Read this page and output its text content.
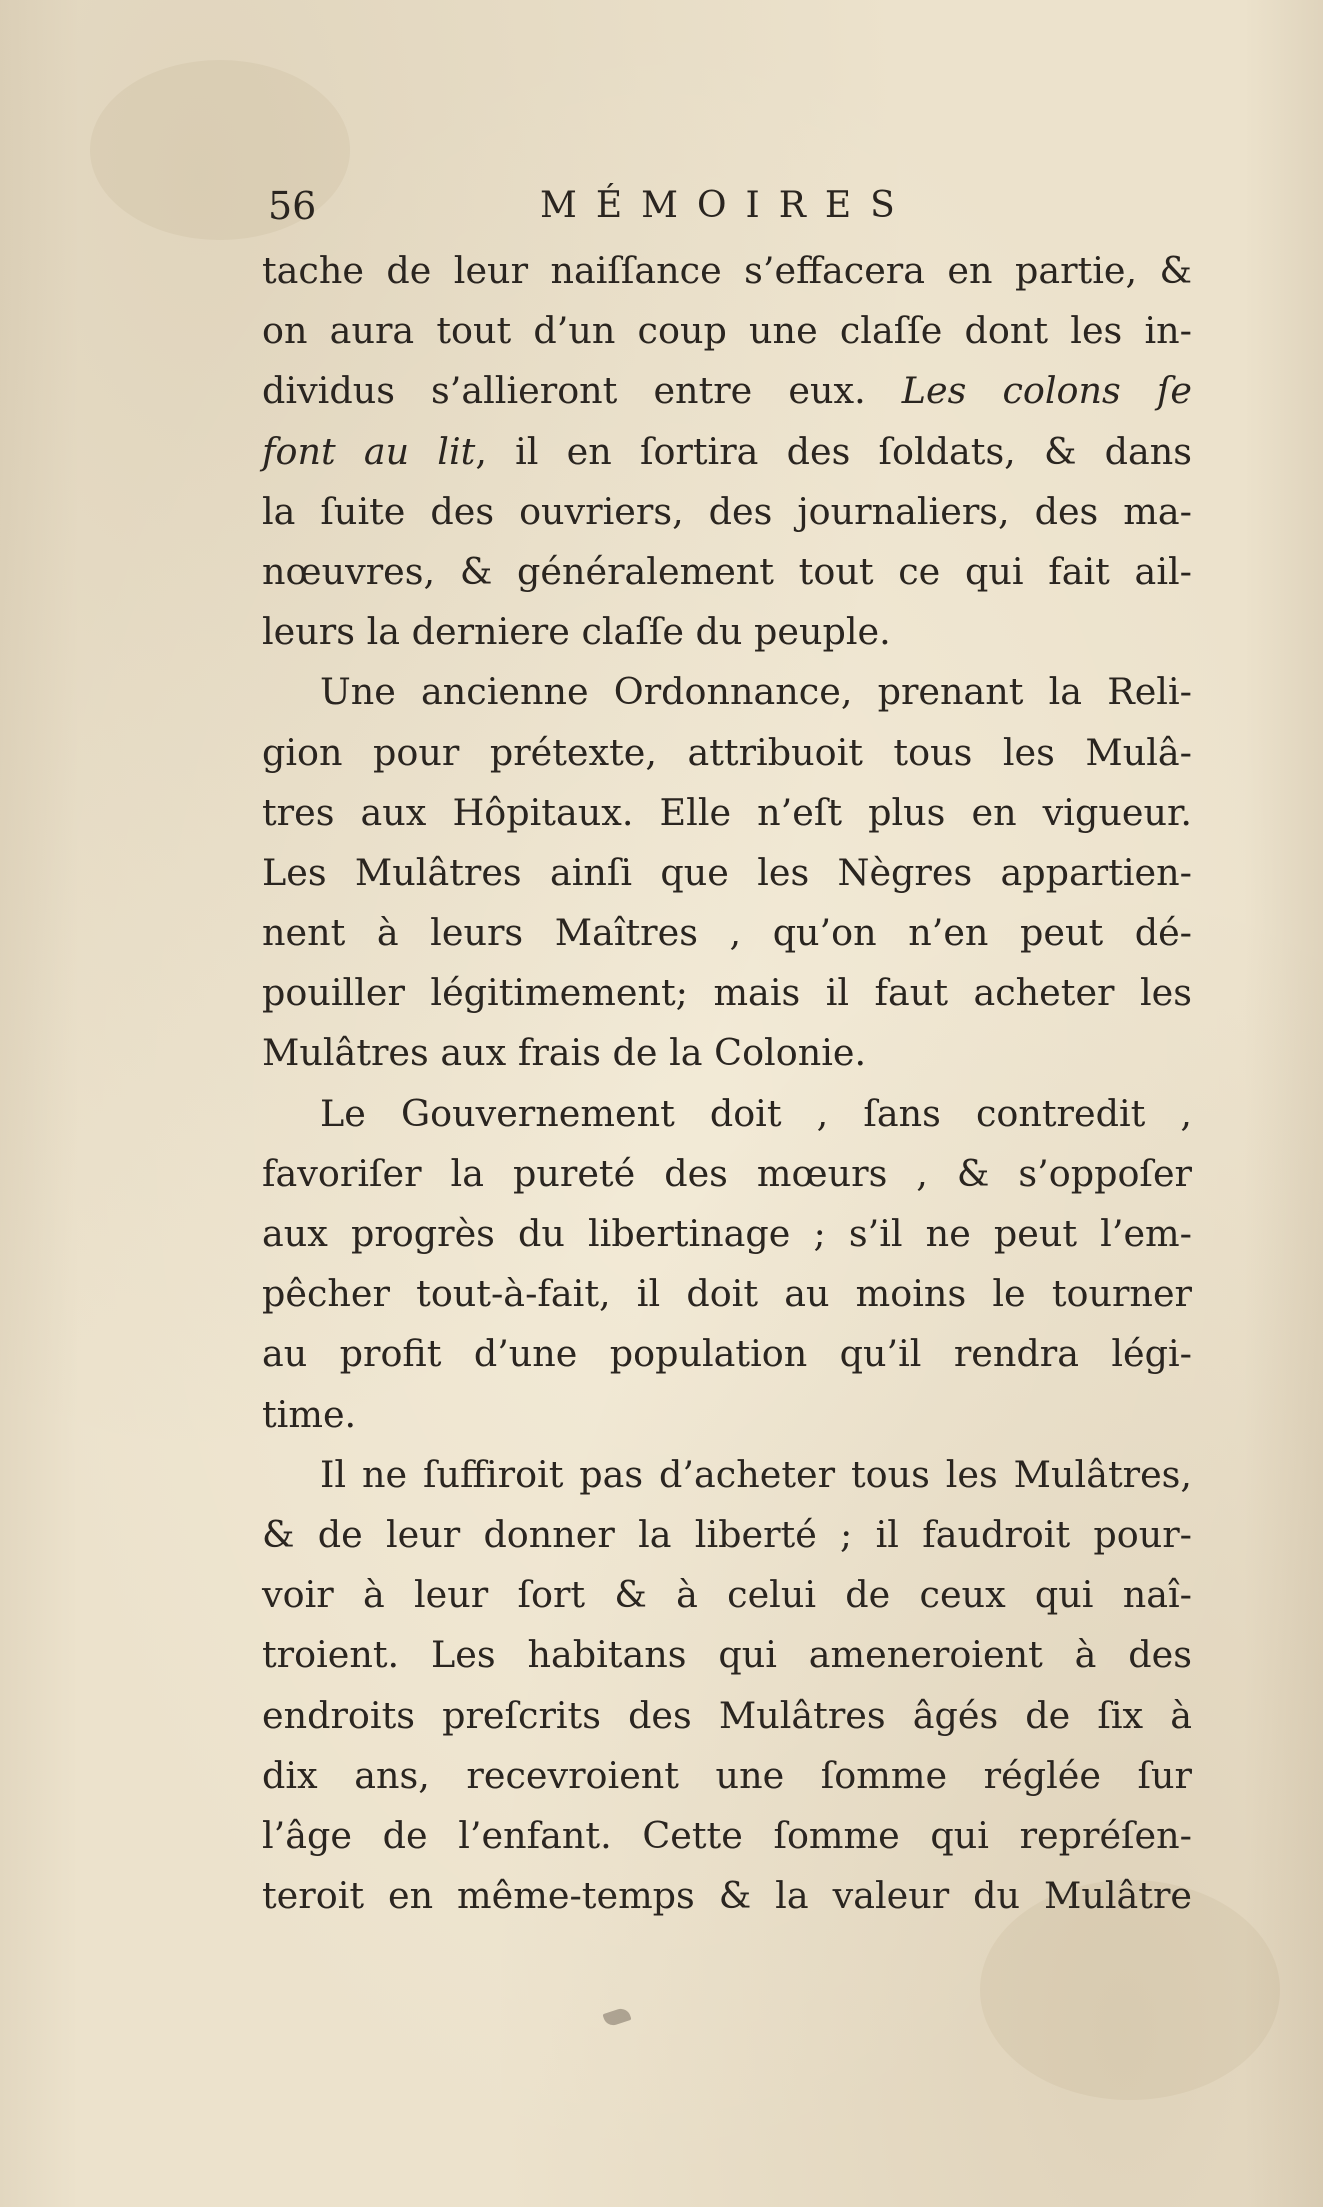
56	MÉMOIRES
tache de leur naiſſance s’effacera en partie, &
on aura tout d’un coup une claſſe dont les in-
dividus s’allieront entre eux. Les colons ſe
font au lit, il en ſortira des ſoldats, & dans
la ſuite des ouvriers, des journaliers, des ma-
nœuvres, & généralement tout ce qui fait ail-
leurs la derniere claſſe du peuple.
Une ancienne Ordonnance, prenant la Reli-
gion pour prétexte, attribuoit tous les Mulâ-
tres aux Hôpitaux. Elle n’eſt plus en vigueur.
Les Mulâtres ainſi que les Nègres appartien-
nent à leurs Maîtres , qu’on n’en peut dé-
pouiller légitimement; mais il faut acheter les
Mulâtres aux frais de la Colonie.
Le Gouvernement doit , ſans contredit ,
favoriſer la pureté des mœurs , & s’oppoſer
aux progrès du libertinage ; s’il ne peut l’em-
pêcher tout-à-fait, il doit au moins le tourner
au profit d’une population qu’il rendra légi-
time.
Il ne ſuffiroit pas d’acheter tous les Mulâtres,
& de leur donner la liberté ; il faudroit pour-
voir à leur ſort & à celui de ceux qui naî-
troient. Les habitans qui ameneroient à des
endroits preſcrits des Mulâtres âgés de ſix à
dix ans, recevroient une ſomme réglée ſur
l’âge de l’enfant. Cette ſomme qui repréſen-
teroit en même-temps & la valeur du Mulâtre
